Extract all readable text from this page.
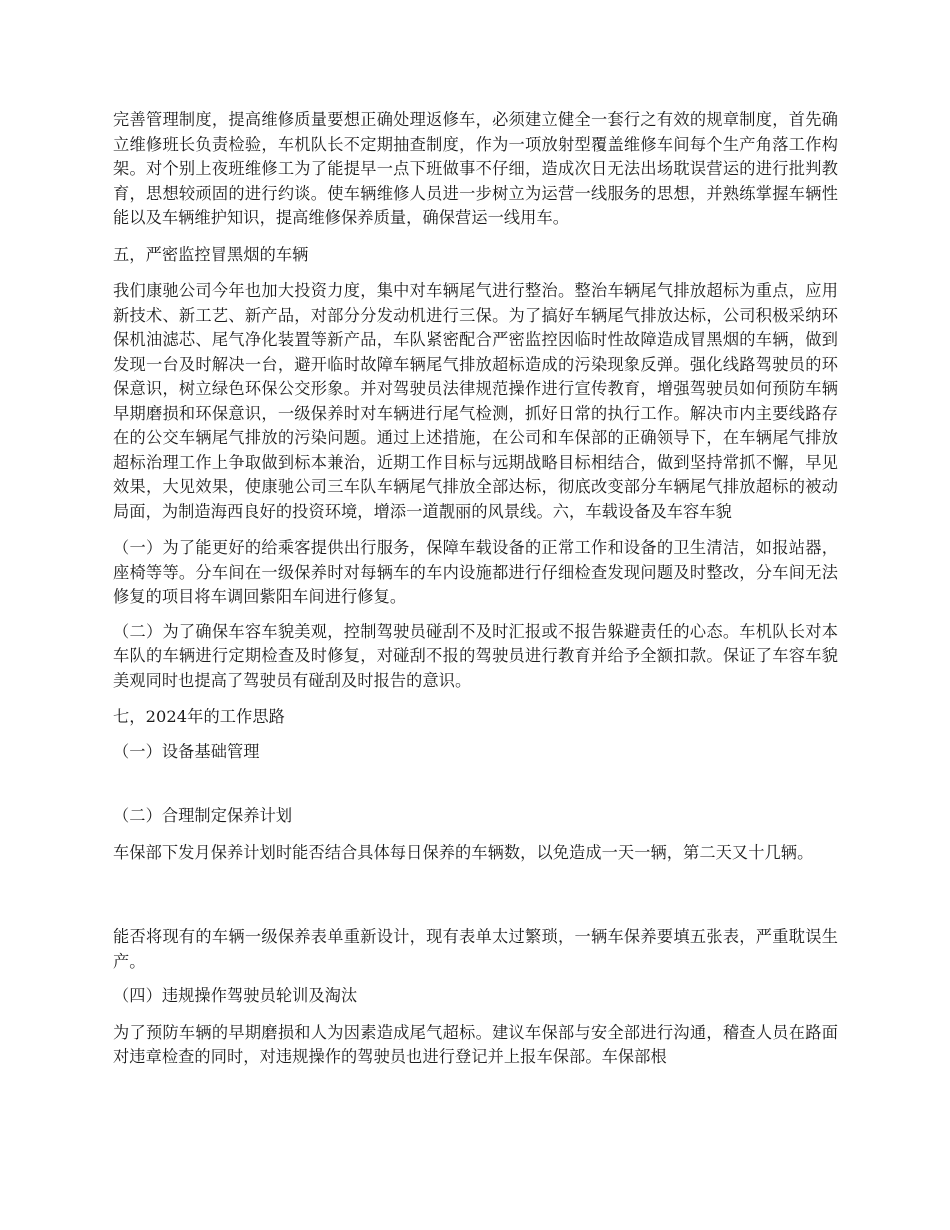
完善管理制度，提高维修质量要想正确处理返修车，必须建立健全一套行之有效的规章制度，首先确立维修班长负责检验，车机队长不定期抽查制度，作为一项放射型覆盖维修车间每个生产角落工作构架。对个别上夜班维修工为了能提早一点下班做事不仔细，造成次日无法出场耽误营运的进行批判教育，思想较顽固的进行约谈。使车辆维修人员进一步树立为运营一线服务的思想，并熟练掌握车辆性能以及车辆维护知识，提高维修保养质量，确保营运一线用车。

五，严密监控冒黑烟的车辆

我们康驰公司今年也加大投资力度，集中对车辆尾气进行整治。整治车辆尾气排放超标为重点，应用新技术、新工艺、新产品，对部分分发动机进行三保。为了搞好车辆尾气排放达标，公司积极采纳环保机油滤芯、尾气净化装置等新产品，车队紧密配合严密监控因临时性故障造成冒黑烟的车辆，做到发现一台及时解决一台，避开临时故障车辆尾气排放超标造成的污染现象反弹。强化线路驾驶员的环保意识，树立绿色环保公交形象。并对驾驶员法律规范操作进行宣传教育，增强驾驶员如何预防车辆早期磨损和环保意识，一级保养时对车辆进行尾气检测，抓好日常的执行工作。解决市内主要线路存在的公交车辆尾气排放的污染问题。通过上述措施，在公司和车保部的正确领导下，在车辆尾气排放超标治理工作上争取做到标本兼治，近期工作目标与远期战略目标相结合，做到坚持常抓不懈，早见效果，大见效果，使康驰公司三车队车辆尾气排放全部达标，彻底改变部分车辆尾气排放超标的被动局面，为制造海西良好的投资环境，增添一道靓丽的风景线。六，车载设备及车容车貌

（一）为了能更好的给乘客提供出行服务，保障车载设备的正常工作和设备的卫生清洁，如报站器，座椅等等。分车间在一级保养时对每辆车的车内设施都进行仔细检查发现问题及时整改，分车间无法修复的项目将车调回紫阳车间进行修复。

（二）为了确保车容车貌美观，控制驾驶员碰刮不及时汇报或不报告躲避责任的心态。车机队长对本车队的车辆进行定期检查及时修复，对碰刮不报的驾驶员进行教育并给予全额扣款。保证了车容车貌美观同时也提高了驾驶员有碰刮及时报告的意识。

七，2024年的工作思路

（一）设备基础管理

（二）合理制定保养计划

车保部下发月保养计划时能否结合具体每日保养的车辆数，以免造成一天一辆，第二天又十几辆。

能否将现有的车辆一级保养表单重新设计，现有表单太过繁琐，一辆车保养要填五张表，严重耽误生产。

（四）违规操作驾驶员轮训及淘汰

为了预防车辆的早期磨损和人为因素造成尾气超标。建议车保部与安全部进行沟通，稽查人员在路面对违章检查的同时，对违规操作的驾驶员也进行登记并上报车保部。车保部根
